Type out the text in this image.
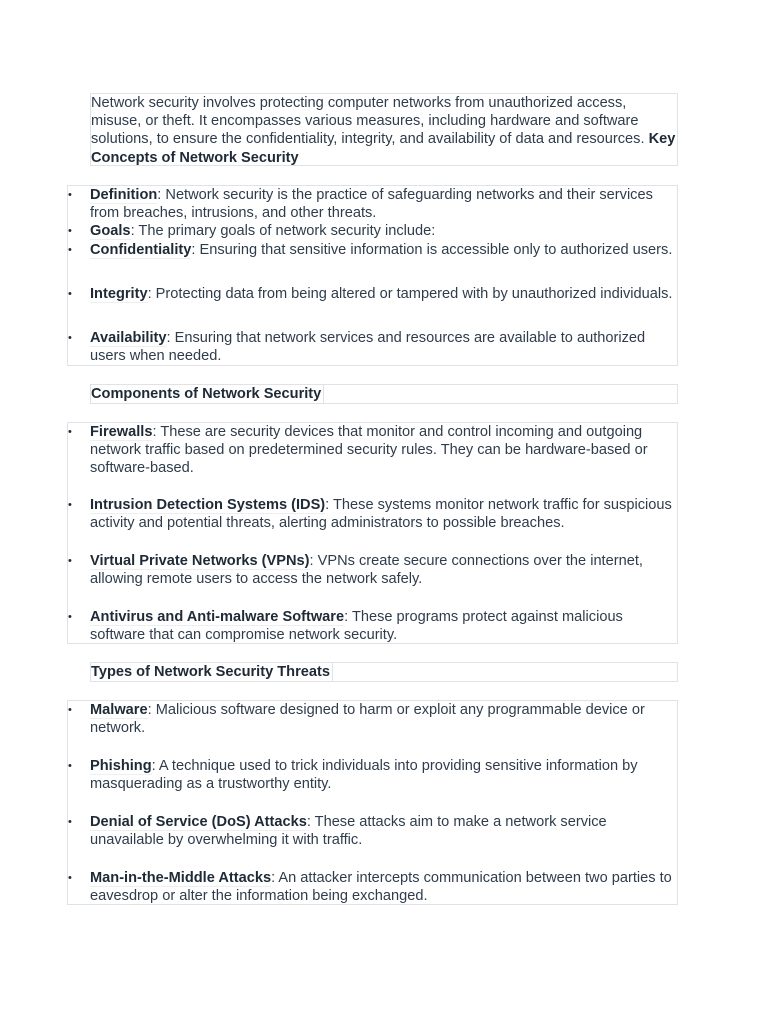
Network security involves protecting computer networks from unauthorized access, misuse, or theft. It encompasses various measures, including hardware and software solutions, to ensure the confidentiality, integrity, and availability of data and resources. Key Concepts of Network Security
• Definition: Network security is the practice of safeguarding networks and their services from breaches, intrusions, and other threats.
• Goals: The primary goals of network security include:
• Confidentiality: Ensuring that sensitive information is accessible only to authorized users.
• Integrity: Protecting data from being altered or tampered with by unauthorized individuals.
• Availability: Ensuring that network services and resources are available to authorized users when needed.
Components of Network Security
• Firewalls: These are security devices that monitor and control incoming and outgoing network traffic based on predetermined security rules. They can be hardware-based or software-based.
• Intrusion Detection Systems (IDS): These systems monitor network traffic for suspicious activity and potential threats, alerting administrators to possible breaches.
• Virtual Private Networks (VPNs): VPNs create secure connections over the internet, allowing remote users to access the network safely.
• Antivirus and Anti-malware Software: These programs protect against malicious software that can compromise network security.
Types of Network Security Threats
• Malware: Malicious software designed to harm or exploit any programmable device or network.
• Phishing: A technique used to trick individuals into providing sensitive information by masquerading as a trustworthy entity.
• Denial of Service (DoS) Attacks: These attacks aim to make a network service unavailable by overwhelming it with traffic.
• Man-in-the-Middle Attacks: An attacker intercepts communication between two parties to eavesdrop or alter the information being exchanged.
